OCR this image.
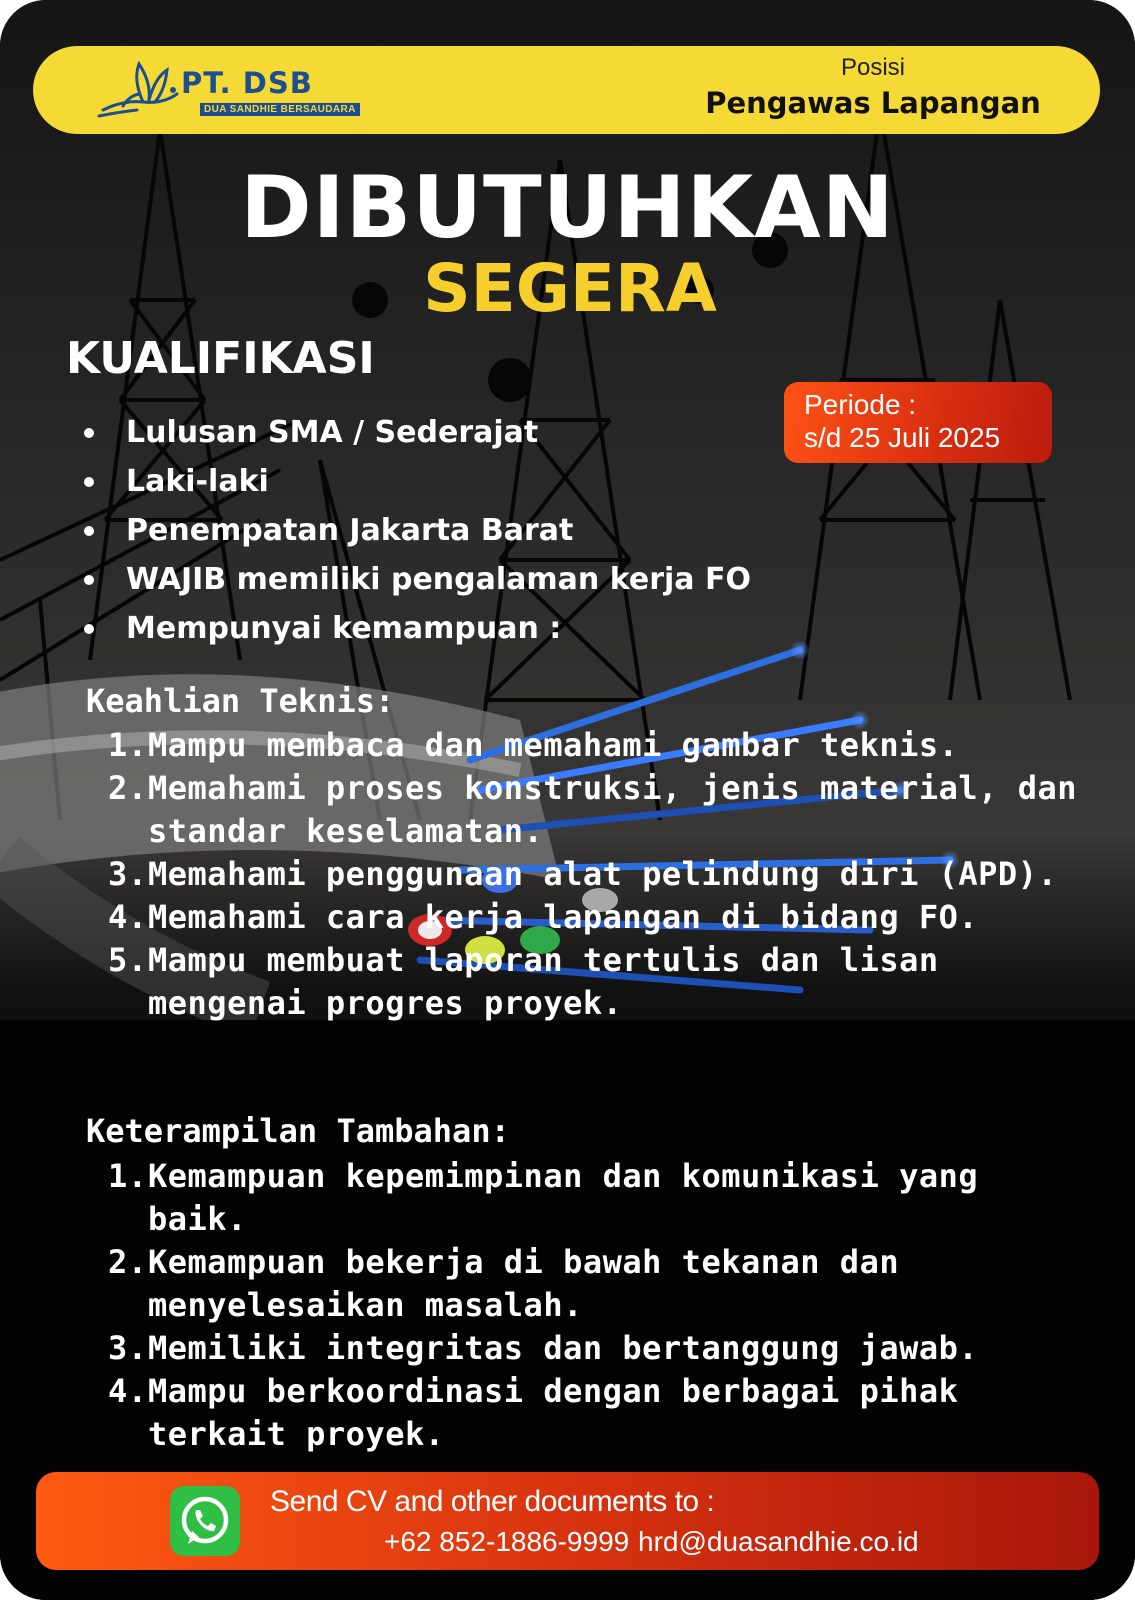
PT. DSB
DUA SANDHIE BERSAUDARA
Posisi
Pengawas Lapangan
DIBUTUHKAN
SEGERA
KUALIFIKASI
Periode :
s/d 25 Juli 2025
Lulusan SMA / Sederajat
Laki-laki
Penempatan Jakarta Barat
WAJIB memiliki pengalaman kerja FO
Mempunyai kemampuan :
Keahlian Teknis:
1. Mampu membaca dan memahami gambar teknis.
2. Memahami proses konstruksi, jenis material, dan standar keselamatan.
3. Memahami penggunaan alat pelindung diri (APD).
4. Memahami cara kerja lapangan di bidang FO.
5. Mampu membuat laporan tertulis dan lisan mengenai progres proyek.
Keterampilan Tambahan:
1. Kemampuan kepemimpinan dan komunikasi yang baik.
2. Kemampuan bekerja di bawah tekanan dan menyelesaikan masalah.
3. Memiliki integritas dan bertanggung jawab.
4. Mampu berkoordinasi dengan berbagai pihak terkait proyek.
Send CV and other documents to :
+62 852-1886-9999 hrd@duasandhie.co.id
